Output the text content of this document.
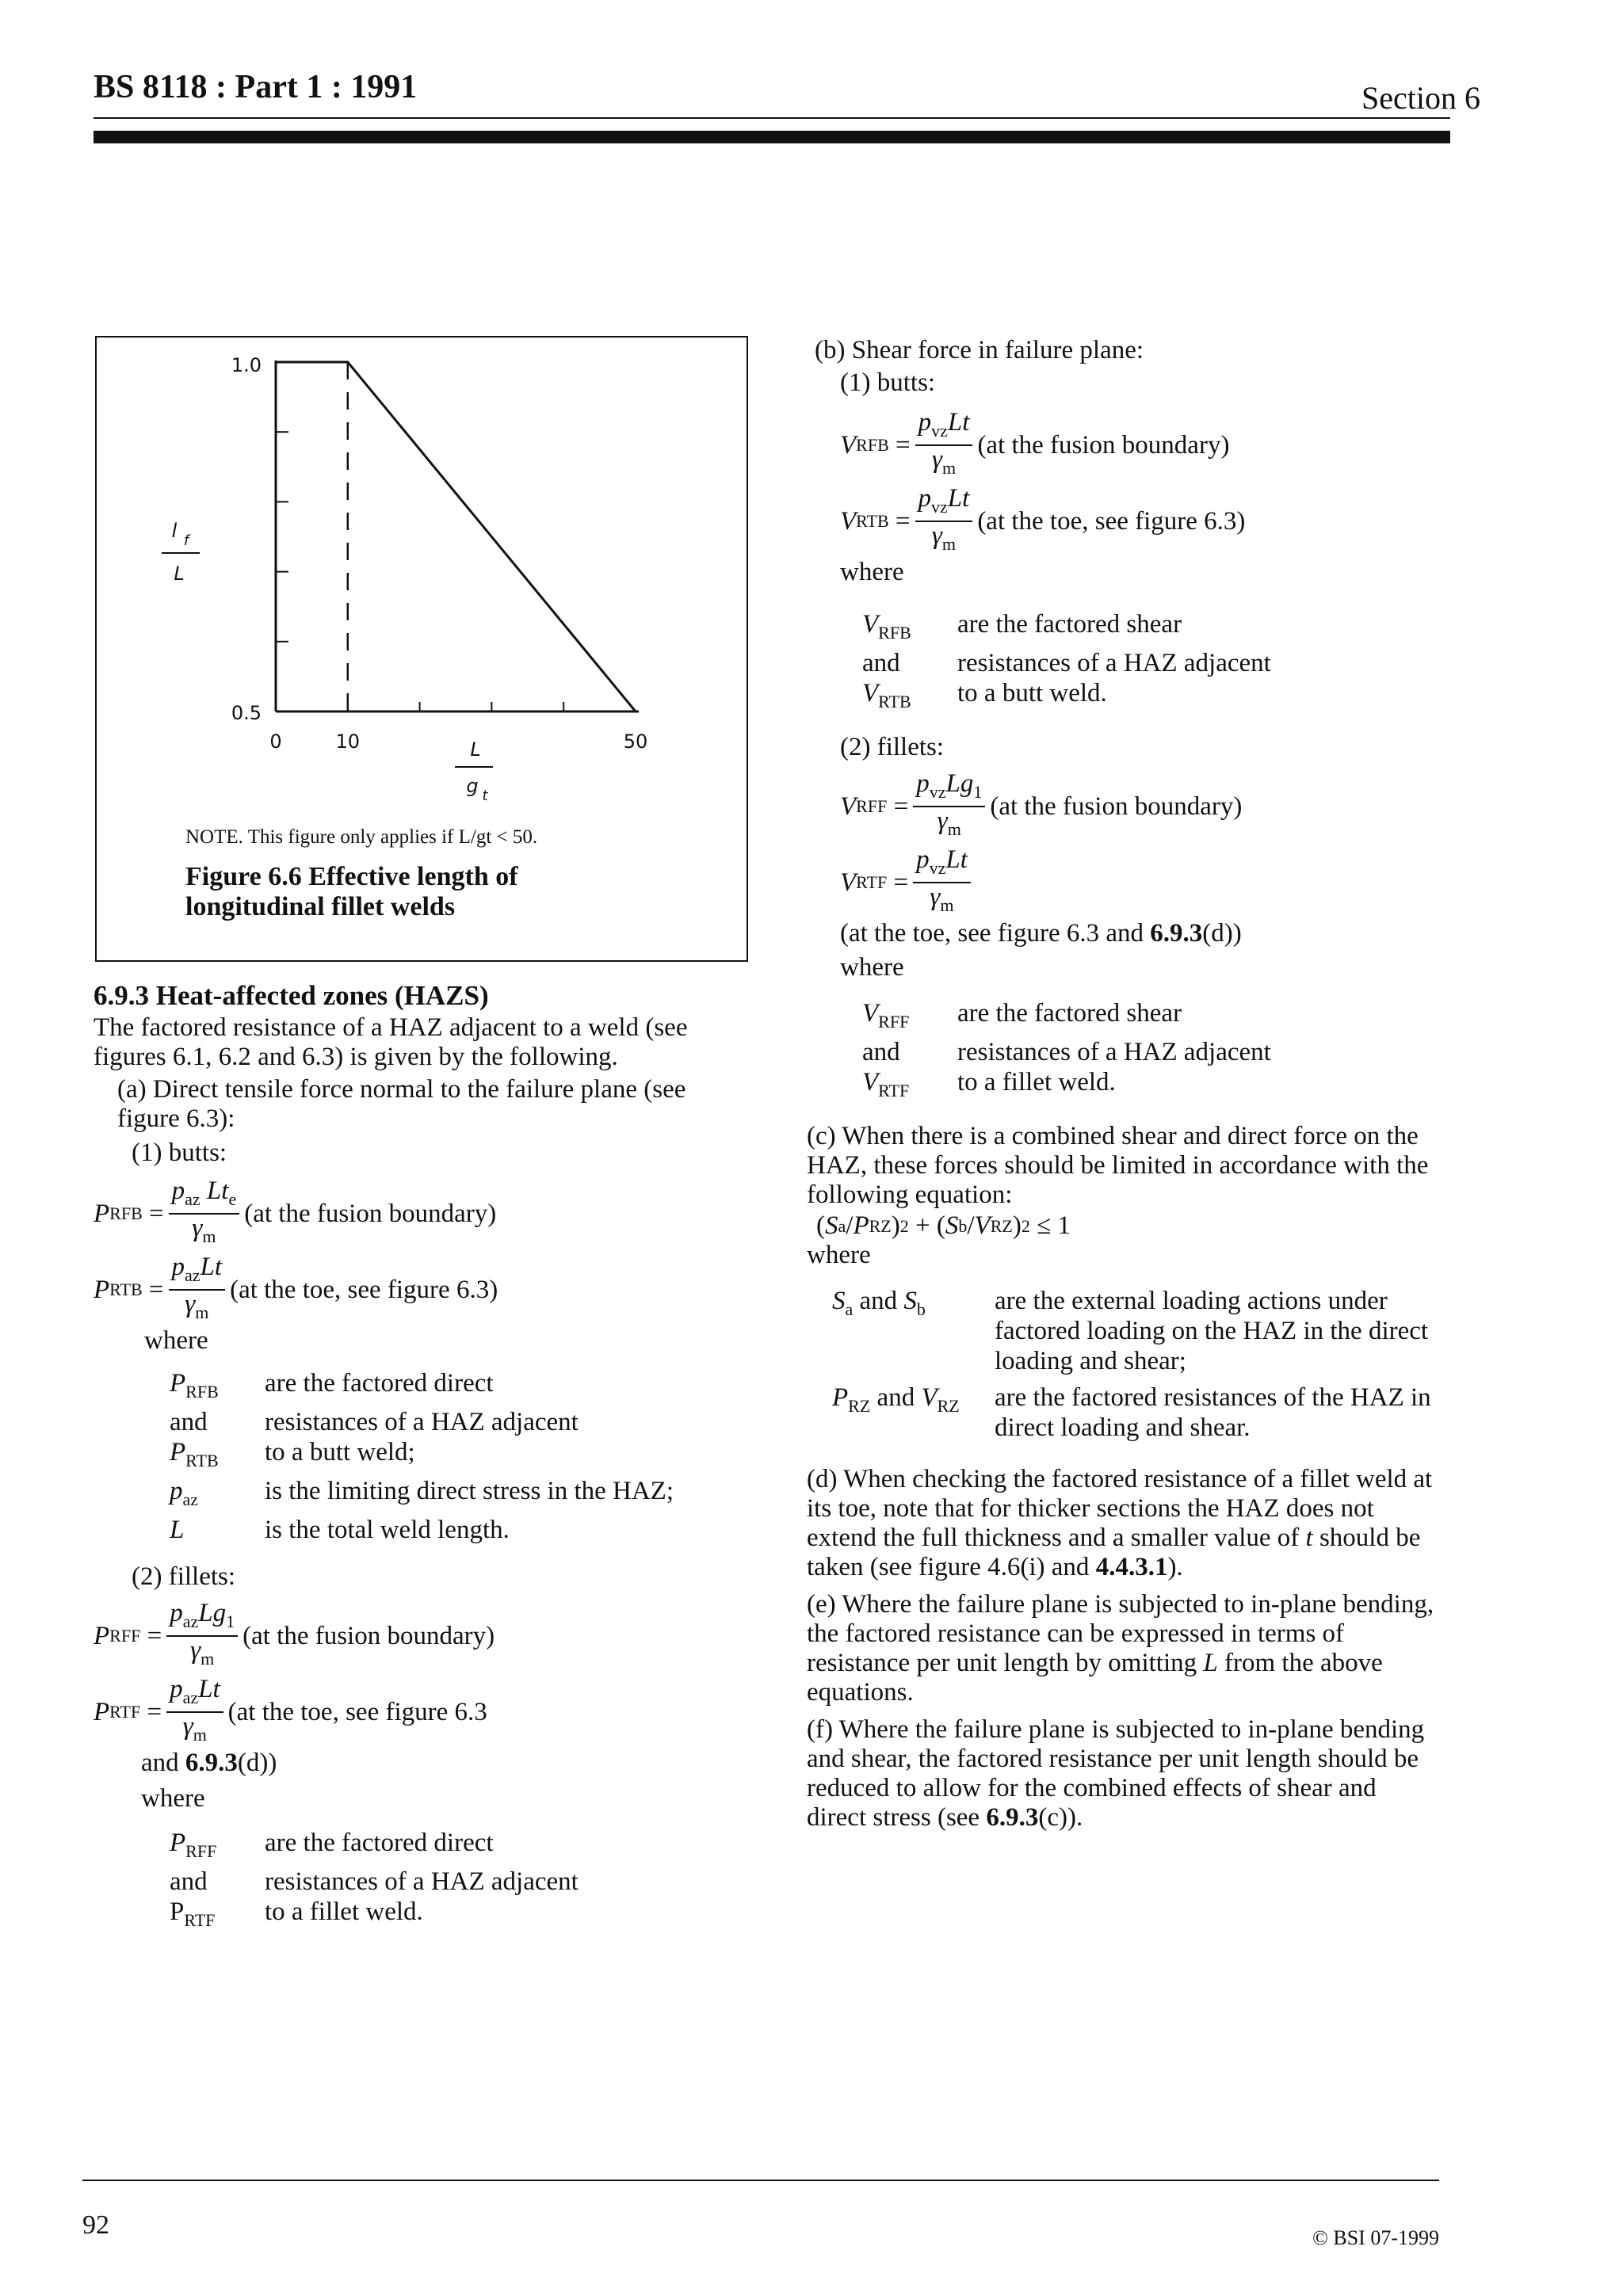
BS 8118 : Part 1 : 1991	Section 6
1.0
0.5
0	10	50
l f
L
L
g t
NOTE. This figure only applies if L/gt < 50.
Figure 6.6 Effective length of
longitudinal fillet welds
6.9.3 Heat-affected zones (HAZS)
The factored resistance of a HAZ adjacent to a weld (see figures 6.1, 6.2 and 6.3) is given by the following.
(a) Direct tensile force normal to the failure plane (see figure 6.3):
(1) butts:
P RFB = $\frac{p_{az} Lt_e}{\gamma_m} (at$ the fusion boundary)
P RTB = $\frac{p_{az}Lt}{\gamma_m} (at$ the toe, see figure 6.3)
where
$P_{RFB}$	are the factored direct
and	resistances of a HAZ adjacent
$P_{RTB}$	to a butt weld;
$p_{az}$	is the limiting direct stress in the HAZ;
L	is the total weld length.
(2) fillets:
P RFF = $\frac{p_{az}Lg_1}{\gamma_m} (at$ the fusion boundary)
P RTF = $\frac{p_{az}Lt}{\gamma_m} (at$ the toe, see figure 6.3
and 6.9.3(d))
where
$P_{RFF}$	are the factored direct
and	resistances of a HAZ adjacent
$P_{RTF}$	to a fillet weld.
(b) Shear force in failure plane:
(1) butts:
V RFB = $\frac{p_{vz}Lt}{\gamma_m} (at$ the fusion boundary)
V RTB = $\frac{p_{vz}Lt}{\gamma_m} (at$ the toe, see figure 6.3)
where
$V_{RFB}$	are the factored shear
and	resistances of a HAZ adjacent
$V_{RTB}$	to a butt weld.
(2) fillets:
V RFF = $\frac{p_{vz}Lg_1}{\gamma_m} (at$ the fusion boundary)
V RTF = $\frac{p_{vz}Lt}{\gamma_m}$
(at the toe, see figure 6.3 and 6.9.3(d))
where
$V_{RFF}$	are the factored shear
and	resistances of a HAZ adjacent
$V_{RTF}$	to a fillet weld.
(c) When there is a combined shear and direct force on the HAZ, these forces should be limited in accordance with the following equation:
( S a / P RZ ) 2 + ( S b / V RZ ) 2 ≤ 1
where
$S_a$ and $S_b$	are the external loading actions under factored loading on the HAZ in the direct loading and shear;
$P_{RZ}$ and $V_{RZ}$	are the factored resistances of the HAZ in direct loading and shear.
(d) When checking the factored resistance of a fillet weld at its toe, note that for thicker sections the HAZ does not extend the full thickness and a smaller value of t should be taken (see figure 4.6(i) and 4.4.3.1).
(e) Where the failure plane is subjected to in-plane bending, the factored resistance can be expressed in terms of resistance per unit length by omitting L from the above equations.
(f) Where the failure plane is subjected to in-plane bending and shear, the factored resistance per unit length should be reduced to allow for the combined effects of shear and direct stress (see 6.9.3(c)).
92	© BSI 07-1999
